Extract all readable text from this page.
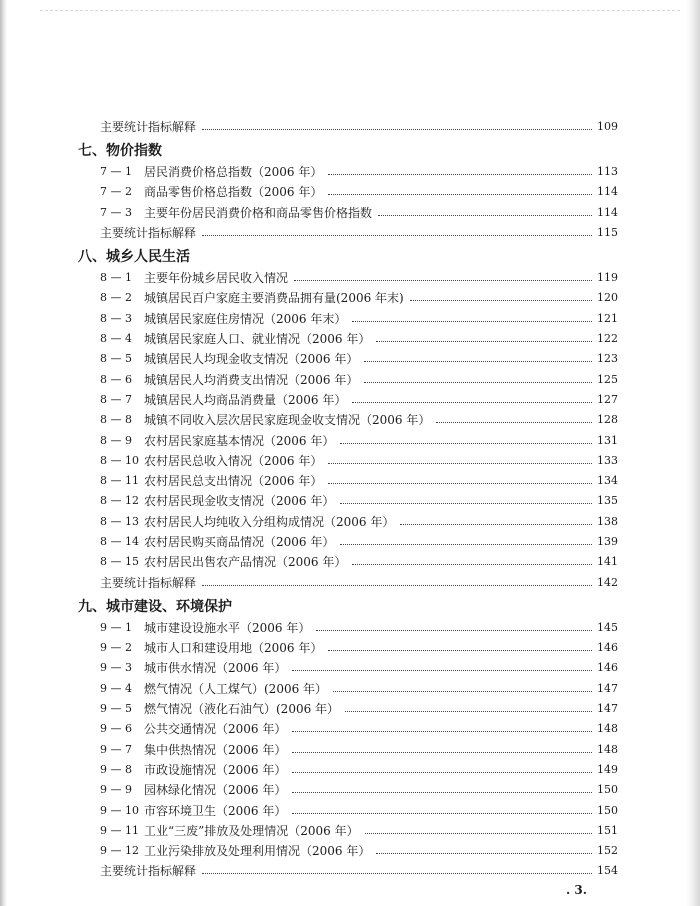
主要统计指标解释	109
七、物价指数
7 — 1	居民消费价格总指数（2006 年）	113
7 — 2	商品零售价格总指数（2006 年）	114
7 — 3	主要年份居民消费价格和商品零售价格指数	114
主要统计指标解释	115
八、城乡人民生活
8 — 1	主要年份城乡居民收入情况	119
8 — 2	城镇居民百户家庭主要消费品拥有量(2006 年末)	120
8 — 3	城镇居民家庭住房情况（2006 年末）	121
8 — 4	城镇居民家庭人口、就业情况（2006 年）	122
8 — 5	城镇居民人均现金收支情况（2006 年）	123
8 — 6	城镇居民人均消费支出情况（2006 年）	125
8 — 7	城镇居民人均商品消费量（2006 年）	127
8 — 8	城镇不同收入层次居民家庭现金收支情况（2006 年）	128
8 — 9	农村居民家庭基本情况（2006 年）	131
8 — 10 农村居民总收入情况（2006 年）	133
8 — 11 农村居民总支出情况（2006 年）	134
8 — 12 农村居民现金收支情况（2006 年）	135
8 — 13 农村居民人均纯收入分组构成情况（2006 年）	138
8 — 14 农村居民购买商品情况（2006 年）	139
8 — 15 农村居民出售农产品情况（2006 年）	141
主要统计指标解释	142
九、城市建设、环境保护
9 — 1	城市建设设施水平（2006 年）	145
9 — 2	城市人口和建设用地（2006 年）	146
9 — 3	城市供水情况（2006 年）	146
9 — 4	燃气情况（人工煤气）(2006 年）	147
9 — 5	燃气情况（液化石油气）(2006 年）	147
9 — 6	公共交通情况（2006 年）	148
9 — 7	集中供热情况（2006 年）	148
9 — 8	市政设施情况（2006 年）	149
9 — 9	园林绿化情况（2006 年）	150
9 — 10 市容环境卫生（2006 年）	150
9 — 11 工业“三废”排放及处理情况（2006 年）	151
9 — 12 工业污染排放及处理利用情况（2006 年）	152
主要统计指标解释	154
. 3.
